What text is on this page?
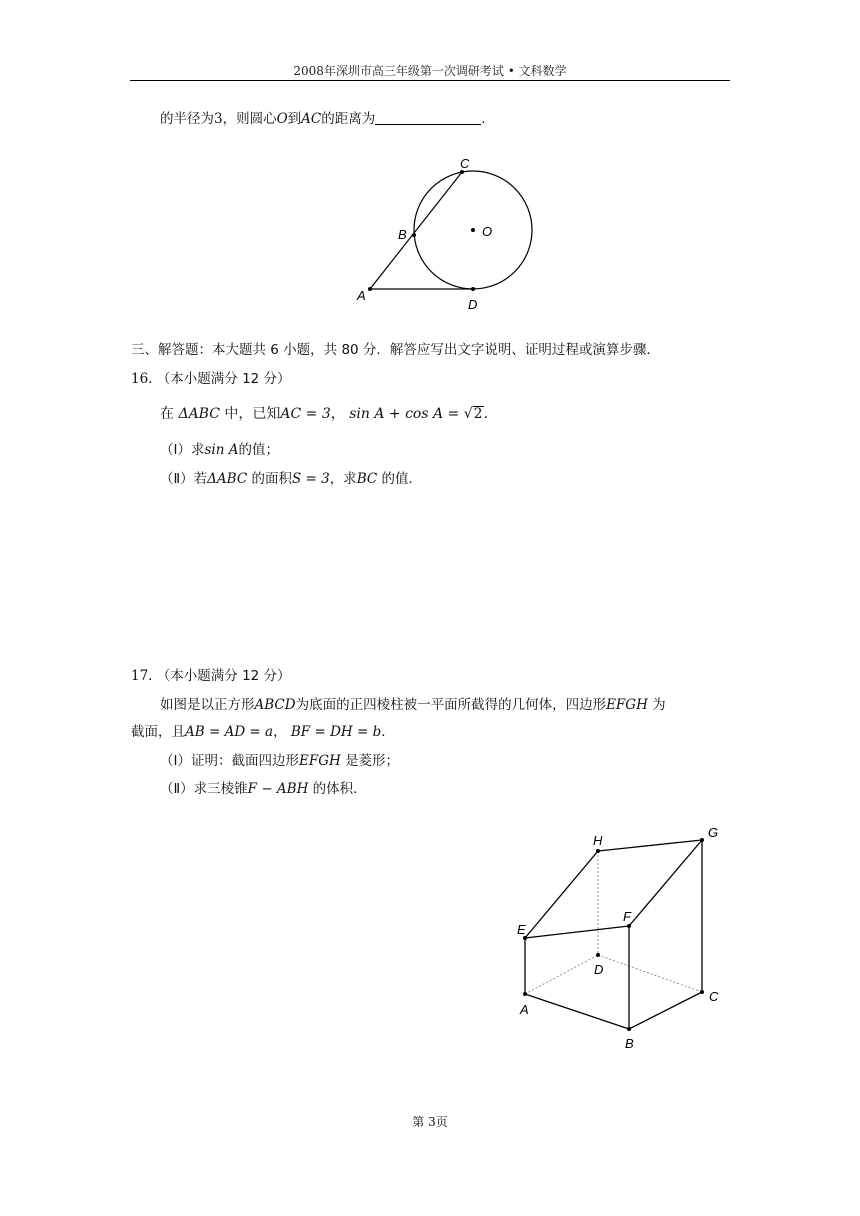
2008年深圳市高三年级第一次调研考试 • 文科数学
的半径为3，则圆心O到AC的距离为	.
C
B	O
A
D
三、解答题：本大题共 6 小题，共 80 分．解答应写出文字说明、证明过程或演算步骤．
16. （本小题满分 12 分）
在 ΔABC 中，已知AC = 3， sin A + cos A = √2．
（Ⅰ）求sin A的值；
（Ⅱ）若ΔABC 的面积S = 3，求BC 的值．
17. （本小题满分 12 分）
如图是以正方形ABCD为底面的正四棱柱被一平面所截得的几何体，四边形EFGH 为
截面，且AB = AD = a， BF = DH = b．
（Ⅰ）证明：截面四边形EFGH 是菱形；
（Ⅱ）求三棱锥F − ABH 的体积．
H
G
F
E
D
C
A
B
第 3页
